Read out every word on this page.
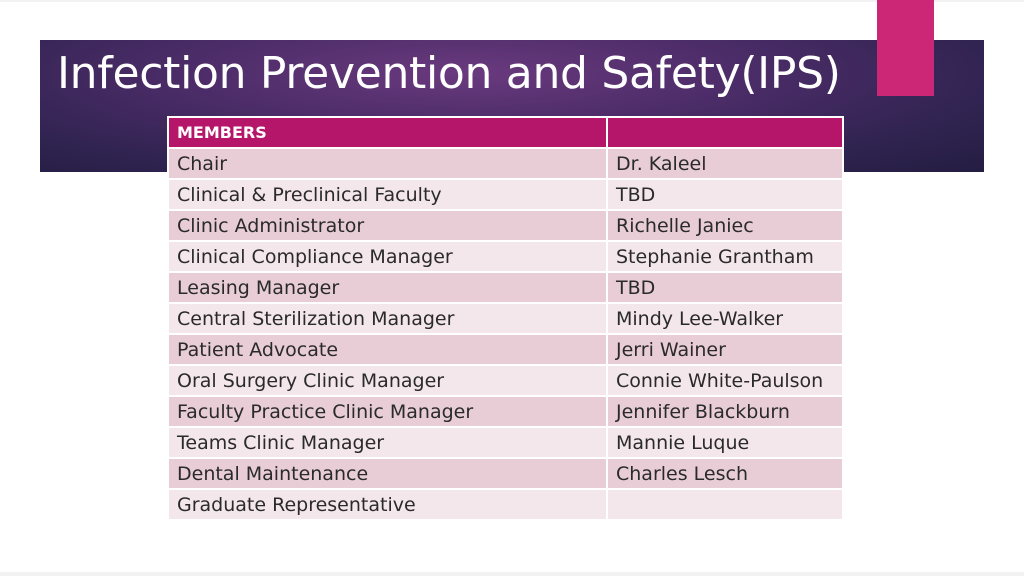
Infection Prevention and Safety(IPS)
MEMBERS	
Chair	Dr. Kaleel
Clinical & Preclinical Faculty	TBD
Clinic Administrator	Richelle Janiec
Clinical Compliance Manager	Stephanie Grantham
Leasing Manager	TBD
Central Sterilization Manager	Mindy Lee-Walker
Patient Advocate	Jerri Wainer
Oral Surgery Clinic Manager	Connie White-Paulson
Faculty Practice Clinic Manager	Jennifer Blackburn
Teams Clinic Manager	Mannie Luque
Dental Maintenance	Charles Lesch
Graduate Representative	
